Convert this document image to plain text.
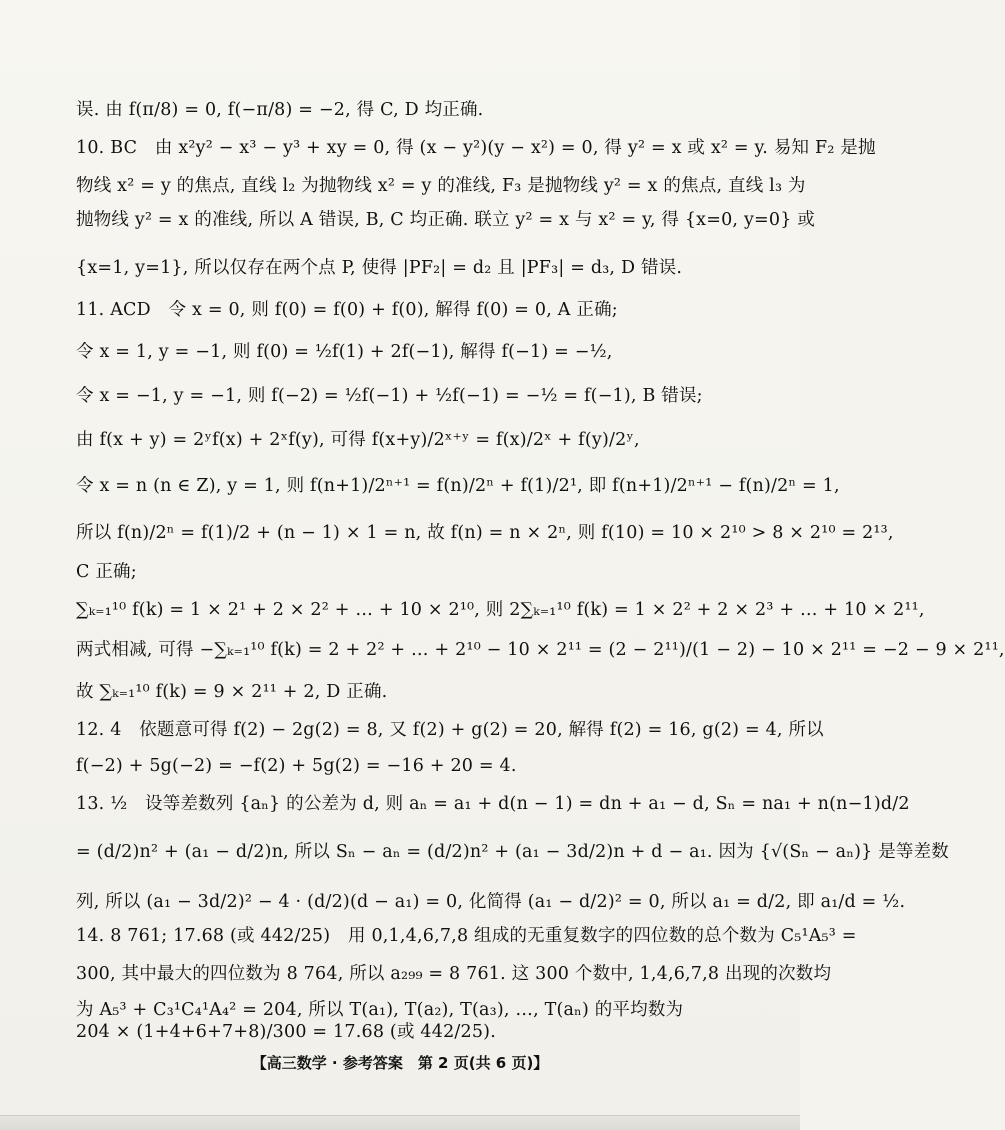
误. 由 f(π/8) = 0, f(−π/8) = −2, 得 C, D 均正确.
10. BC　由 x²y² − x³ − y³ + xy = 0, 得 (x − y²)(y − x²) = 0, 得 y² = x 或 x² = y. 易知 F₂ 是抛
物线 x² = y 的焦点, 直线 l₂ 为抛物线 x² = y 的准线, F₃ 是抛物线 y² = x 的焦点, 直线 l₃ 为
抛物线 y² = x 的准线, 所以 A 错误, B, C 均正确. 联立 y² = x 与 x² = y, 得 {x=0, y=0} 或
{x=1, y=1}, 所以仅存在两个点 P, 使得 |PF₂| = d₂ 且 |PF₃| = d₃, D 错误.
11. ACD　令 x = 0, 则 f(0) = f(0) + f(0), 解得 f(0) = 0, A 正确;
令 x = 1, y = −1, 则 f(0) = ½f(1) + 2f(−1), 解得 f(−1) = −½,
令 x = −1, y = −1, 则 f(−2) = ½f(−1) + ½f(−1) = −½ = f(−1), B 错误;
由 f(x + y) = 2ʸf(x) + 2ˣf(y), 可得 f(x+y)/2ˣ⁺ʸ = f(x)/2ˣ + f(y)/2ʸ,
令 x = n (n ∈ Z), y = 1, 则 f(n+1)/2ⁿ⁺¹ = f(n)/2ⁿ + f(1)/2¹, 即 f(n+1)/2ⁿ⁺¹ − f(n)/2ⁿ = 1,
所以 f(n)/2ⁿ = f(1)/2 + (n − 1) × 1 = n, 故 f(n) = n × 2ⁿ, 则 f(10) = 10 × 2¹⁰ > 8 × 2¹⁰ = 2¹³,
C 正确;
∑ₖ₌₁¹⁰ f(k) = 1 × 2¹ + 2 × 2² + … + 10 × 2¹⁰, 则 2∑ₖ₌₁¹⁰ f(k) = 1 × 2² + 2 × 2³ + … + 10 × 2¹¹,
两式相减, 可得 −∑ₖ₌₁¹⁰ f(k) = 2 + 2² + … + 2¹⁰ − 10 × 2¹¹ = (2 − 2¹¹)/(1 − 2) − 10 × 2¹¹ = −2 − 9 × 2¹¹,
故 ∑ₖ₌₁¹⁰ f(k) = 9 × 2¹¹ + 2, D 正确.
12. 4　依题意可得 f(2) − 2g(2) = 8, 又 f(2) + g(2) = 20, 解得 f(2) = 16, g(2) = 4, 所以
f(−2) + 5g(−2) = −f(2) + 5g(2) = −16 + 20 = 4.
13. ½　设等差数列 {aₙ} 的公差为 d, 则 aₙ = a₁ + d(n − 1) = dn + a₁ − d, Sₙ = na₁ + n(n−1)d/2
= (d/2)n² + (a₁ − d/2)n, 所以 Sₙ − aₙ = (d/2)n² + (a₁ − 3d/2)n + d − a₁. 因为 {√(Sₙ − aₙ)} 是等差数
列, 所以 (a₁ − 3d/2)² − 4 · (d/2)(d − a₁) = 0, 化简得 (a₁ − d/2)² = 0, 所以 a₁ = d/2, 即 a₁/d = ½.
14. 8 761; 17.68 (或 442/25)　用 0,1,4,6,7,8 组成的无重复数字的四位数的总个数为 C₅¹A₅³ =
300, 其中最大的四位数为 8 764, 所以 a₂₉₉ = 8 761. 这 300 个数中, 1,4,6,7,8 出现的次数均
为 A₅³ + C₃¹C₄¹A₄² = 204, 所以 T(a₁), T(a₂), T(a₃), …, T(aₙ) 的平均数为
204 × (1+4+6+7+8)/300 = 17.68 (或 442/25).
【高三数学 · 参考答案　第 2 页(共 6 页)】
